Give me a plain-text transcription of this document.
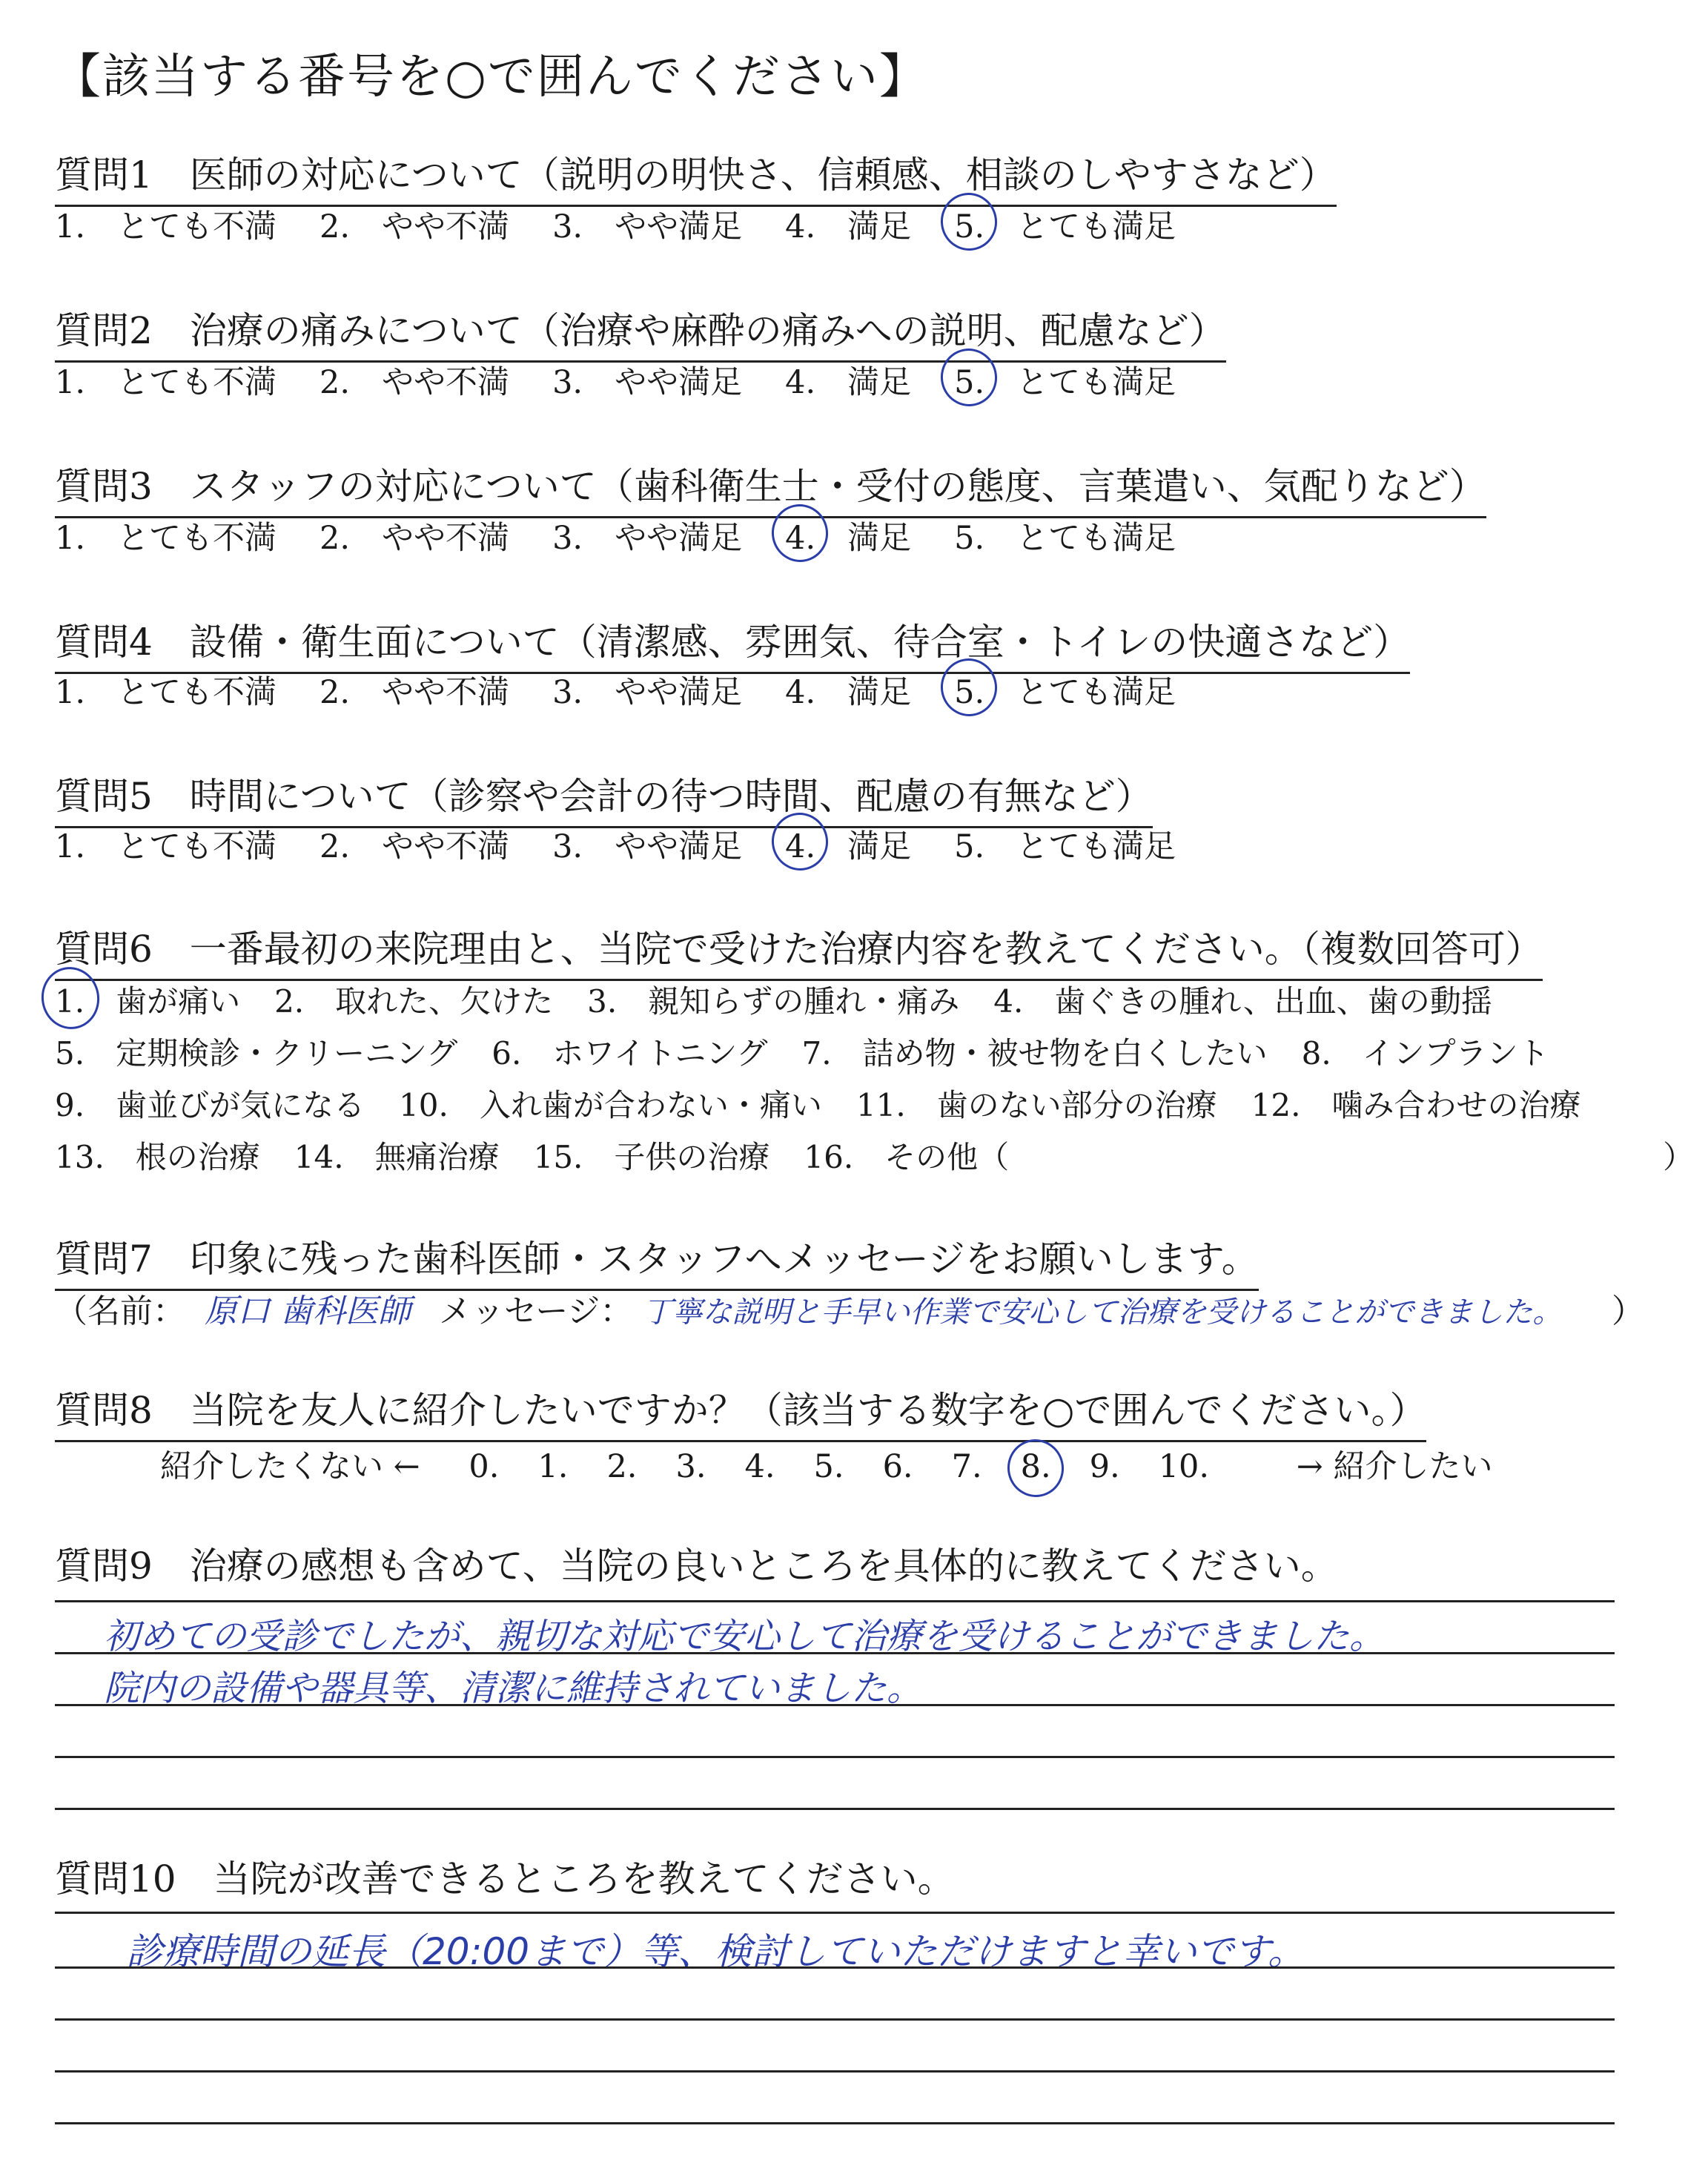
【該当する番号を○で囲んでください】
質問1　医師の対応について（説明の明快さ、信頼感、相談のしやすさなど）
1.　とても不満 2.　やや不満 3.　やや満足 4.　満足 5.　とても満足
質問2　治療の痛みについて（治療や麻酔の痛みへの説明、配慮など）
1.　とても不満 2.　やや不満 3.　やや満足 4.　満足 5.　とても満足
質問3　スタッフの対応について（歯科衛生士・受付の態度、言葉遣い、気配りなど）
1.　とても不満 2.　やや不満 3.　やや満足 4.　満足 5.　とても満足
質問4　設備・衛生面について（清潔感、雰囲気、待合室・トイレの快適さなど）
1.　とても不満 2.　やや不満 3.　やや満足 4.　満足 5.　とても満足
質問5　時間について（診察や会計の待つ時間、配慮の有無など）
1.　とても不満 2.　やや不満 3.　やや満足 4.　満足 5.　とても満足
質問6　一番最初の来院理由と、当院で受けた治療内容を教えてください。（複数回答可）
1.　歯が痛い 2.　取れた、欠けた 3.　親知らずの腫れ・痛み 4.　歯ぐきの腫れ、出血、歯の動揺
5.　定期検診・クリーニング 6.　ホワイトニング 7.　詰め物・被せ物を白くしたい 8.　インプラント
9.　歯並びが気になる 10.　入れ歯が合わない・痛い 11.　歯のない部分の治療 12.　噛み合わせの治療
13.　根の治療 14.　無痛治療 15.　子供の治療 16.　その他（　　　　　　　　　　　　　　　　　　　　　）
質問7　印象に残った歯科医師・スタッフへメッセージをお願いします。
（名前： 原口 歯科医師 メッセージ： 丁寧な説明と手早い作業で安心して治療を受けることができました。 ）
質問8　当院を友人に紹介したいですか？（該当する数字を○で囲んでください。）
紹介したくない ← 0. 1. 2. 3. 4. 5. 6. 7. 8. 9. 10.	→ 紹介したい
質問9　治療の感想も含めて、当院の良いところを具体的に教えてください。
初めての受診でしたが、親切な対応で安心して治療を受けることができました。
院内の設備や器具等、清潔に維持されていました。
質問10　当院が改善できるところを教えてください。
診療時間の延長（20:00まで）等、検討していただけますと幸いです。
